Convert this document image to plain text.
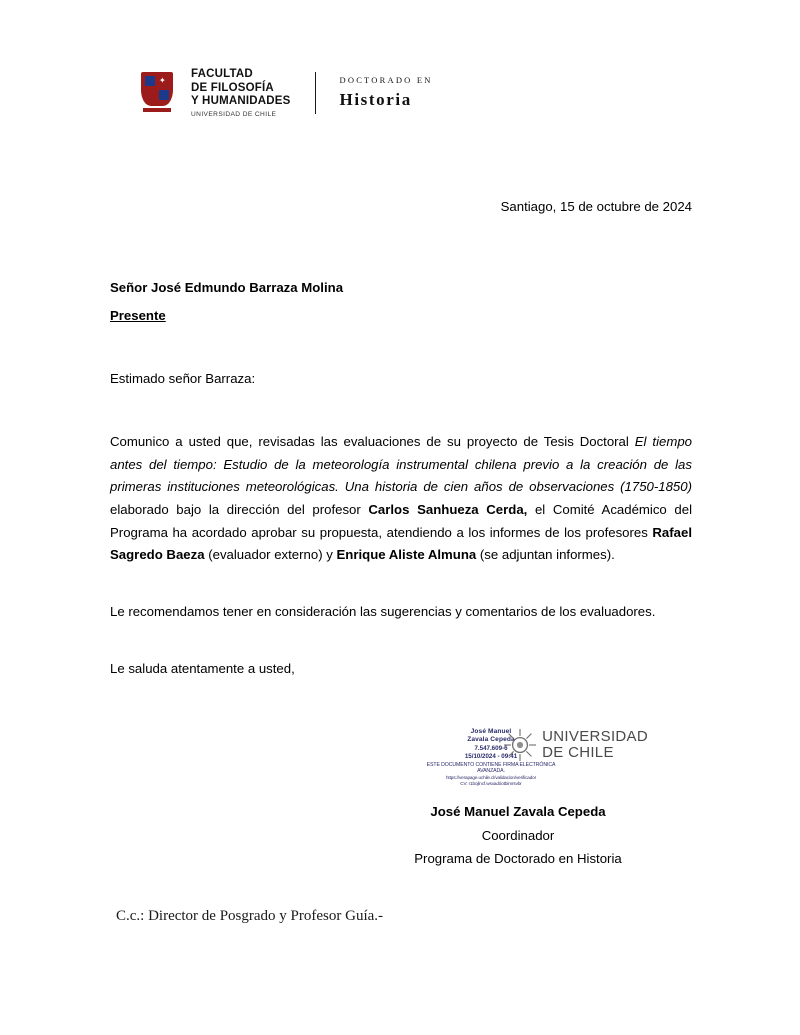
✦
FACULTAD
DE FILOSOFÍA
Y HUMANIDADES
UNIVERSIDAD DE CHILE
DOCTORADO EN
Historia

Santiago, 15 de octubre de 2024

Señor José Edmundo Barraza Molina

Presente

Estimado señor Barraza:

Comunico a usted que, revisadas las evaluaciones de su proyecto de Tesis Doctoral El tiempo antes del tiempo: Estudio de la meteorología instrumental chilena previo a la creación de las primeras instituciones meteorológicas. Una historia de cien años de observaciones (1750-1850) elaborado bajo la dirección del profesor Carlos Sanhueza Cerda, el Comité Académico del Programa ha acordado aprobar su propuesta, atendiendo a los informes de los profesores Rafael Sagredo Baeza (evaluador externo) y Enrique Aliste Almuna (se adjuntan informes).

Le recomendamos tener en consideración las sugerencias y comentarios de los evaluadores.

Le saluda atentamente a usted,

José Manuel
Zavala Cepeda
7.547.609-6
15/10/2024 - 09:41
ESTE DOCUMENTO CONTIENE FIRMA ELECTRÓNICA AVANZADA.
https://verapage.uchile.cl/validacion/verificador
CV: r1bojlncf.wsxadóotbimrsvbr
UNIVERSIDAD
DE CHILE
José Manuel Zavala Cepeda
Coordinador
Programa de Doctorado en Historia
C.c.: Director de Posgrado y Profesor Guía.-
